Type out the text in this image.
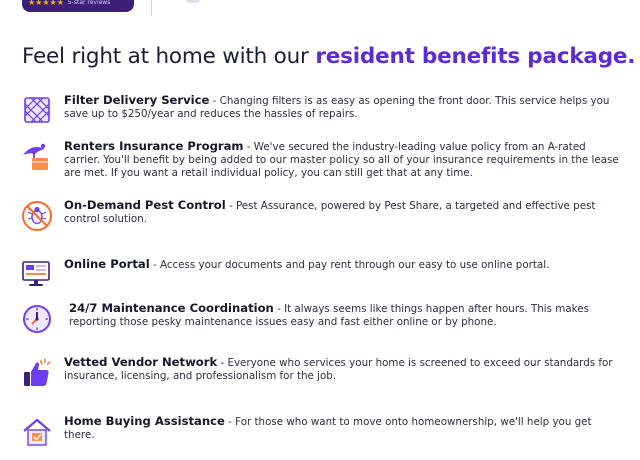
★★★★★ 5-star reviews
Feel right at home with our resident benefits package.
Filter Delivery Service - Changing filters is as easy as opening the front door. This service helps you save up to $250/year and reduces the hassles of repairs.
Renters Insurance Program - We've secured the industry-leading value policy from an A-rated carrier. You'll benefit by being added to our master policy so all of your insurance requirements in the lease are met. If you want a retail individual policy, you can still get that at any time.
On-Demand Pest Control - Pest Assurance, powered by Pest Share, a targeted and effective pest control solution.
Online Portal - Access your documents and pay rent through our easy to use online portal.
24/7 Maintenance Coordination - It always seems like things happen after hours. This makes reporting those pesky maintenance issues easy and fast either online or by phone.
Vetted Vendor Network - Everyone who services your home is screened to exceed our standards for insurance, licensing, and professionalism for the job.
Home Buying Assistance - For those who want to move onto homeownership, we'll help you get there.
